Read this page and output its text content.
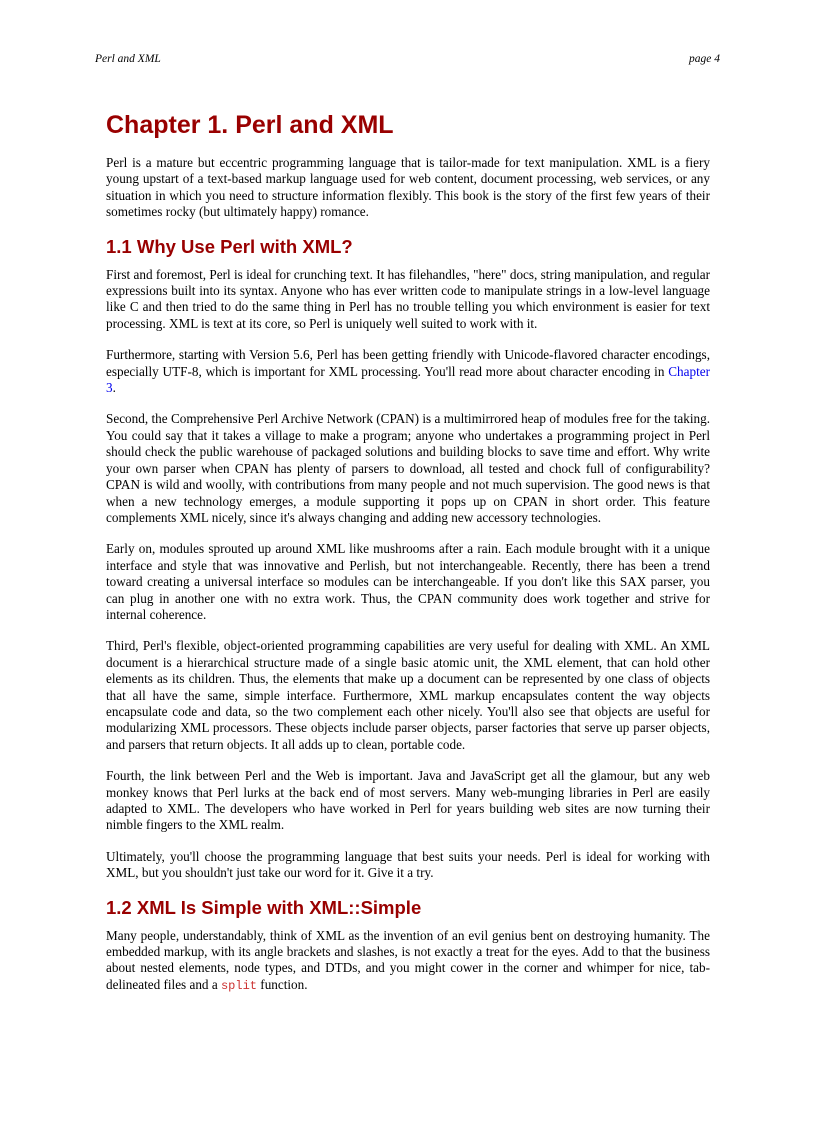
Perl and XML	page 4
Chapter 1. Perl and XML

Perl is a mature but eccentric programming language that is tailor-made for text manipulation. XML is a fiery young upstart of a text-based markup language used for web content, document processing, web services, or any situation in which you need to structure information flexibly. This book is the story of the first few years of their sometimes rocky (but ultimately happy) romance.

1.1 Why Use Perl with XML?

First and foremost, Perl is ideal for crunching text. It has filehandles, "here" docs, string manipulation, and regular expressions built into its syntax. Anyone who has ever written code to manipulate strings in a low-level language like C and then tried to do the same thing in Perl has no trouble telling you which environment is easier for text processing. XML is text at its core, so Perl is uniquely well suited to work with it.

Furthermore, starting with Version 5.6, Perl has been getting friendly with Unicode-flavored character encodings, especially UTF-8, which is important for XML processing. You'll read more about character encoding in Chapter 3.

Second, the Comprehensive Perl Archive Network (CPAN) is a multimirrored heap of modules free for the taking. You could say that it takes a village to make a program; anyone who undertakes a programming project in Perl should check the public warehouse of packaged solutions and building blocks to save time and effort. Why write your own parser when CPAN has plenty of parsers to download, all tested and chock full of configurability? CPAN is wild and woolly, with contributions from many people and not much supervision. The good news is that when a new technology emerges, a module supporting it pops up on CPAN in short order. This feature complements XML nicely, since it's always changing and adding new accessory technologies.

Early on, modules sprouted up around XML like mushrooms after a rain. Each module brought with it a unique interface and style that was innovative and Perlish, but not interchangeable. Recently, there has been a trend toward creating a universal interface so modules can be interchangeable. If you don't like this SAX parser, you can plug in another one with no extra work. Thus, the CPAN community does work together and strive for internal coherence.

Third, Perl's flexible, object-oriented programming capabilities are very useful for dealing with XML. An XML document is a hierarchical structure made of a single basic atomic unit, the XML element, that can hold other elements as its children. Thus, the elements that make up a document can be represented by one class of objects that all have the same, simple interface. Furthermore, XML markup encapsulates content the way objects encapsulate code and data, so the two complement each other nicely. You'll also see that objects are useful for modularizing XML processors. These objects include parser objects, parser factories that serve up parser objects, and parsers that return objects. It all adds up to clean, portable code.

Fourth, the link between Perl and the Web is important. Java and JavaScript get all the glamour, but any web monkey knows that Perl lurks at the back end of most servers. Many web-munging libraries in Perl are easily adapted to XML. The developers who have worked in Perl for years building web sites are now turning their nimble fingers to the XML realm.

Ultimately, you'll choose the programming language that best suits your needs. Perl is ideal for working with XML, but you shouldn't just take our word for it. Give it a try.

1.2 XML Is Simple with XML::Simple

Many people, understandably, think of XML as the invention of an evil genius bent on destroying humanity. The embedded markup, with its angle brackets and slashes, is not exactly a treat for the eyes. Add to that the business about nested elements, node types, and DTDs, and you might cower in the corner and whimper for nice, tab-delineated files and a split function.
